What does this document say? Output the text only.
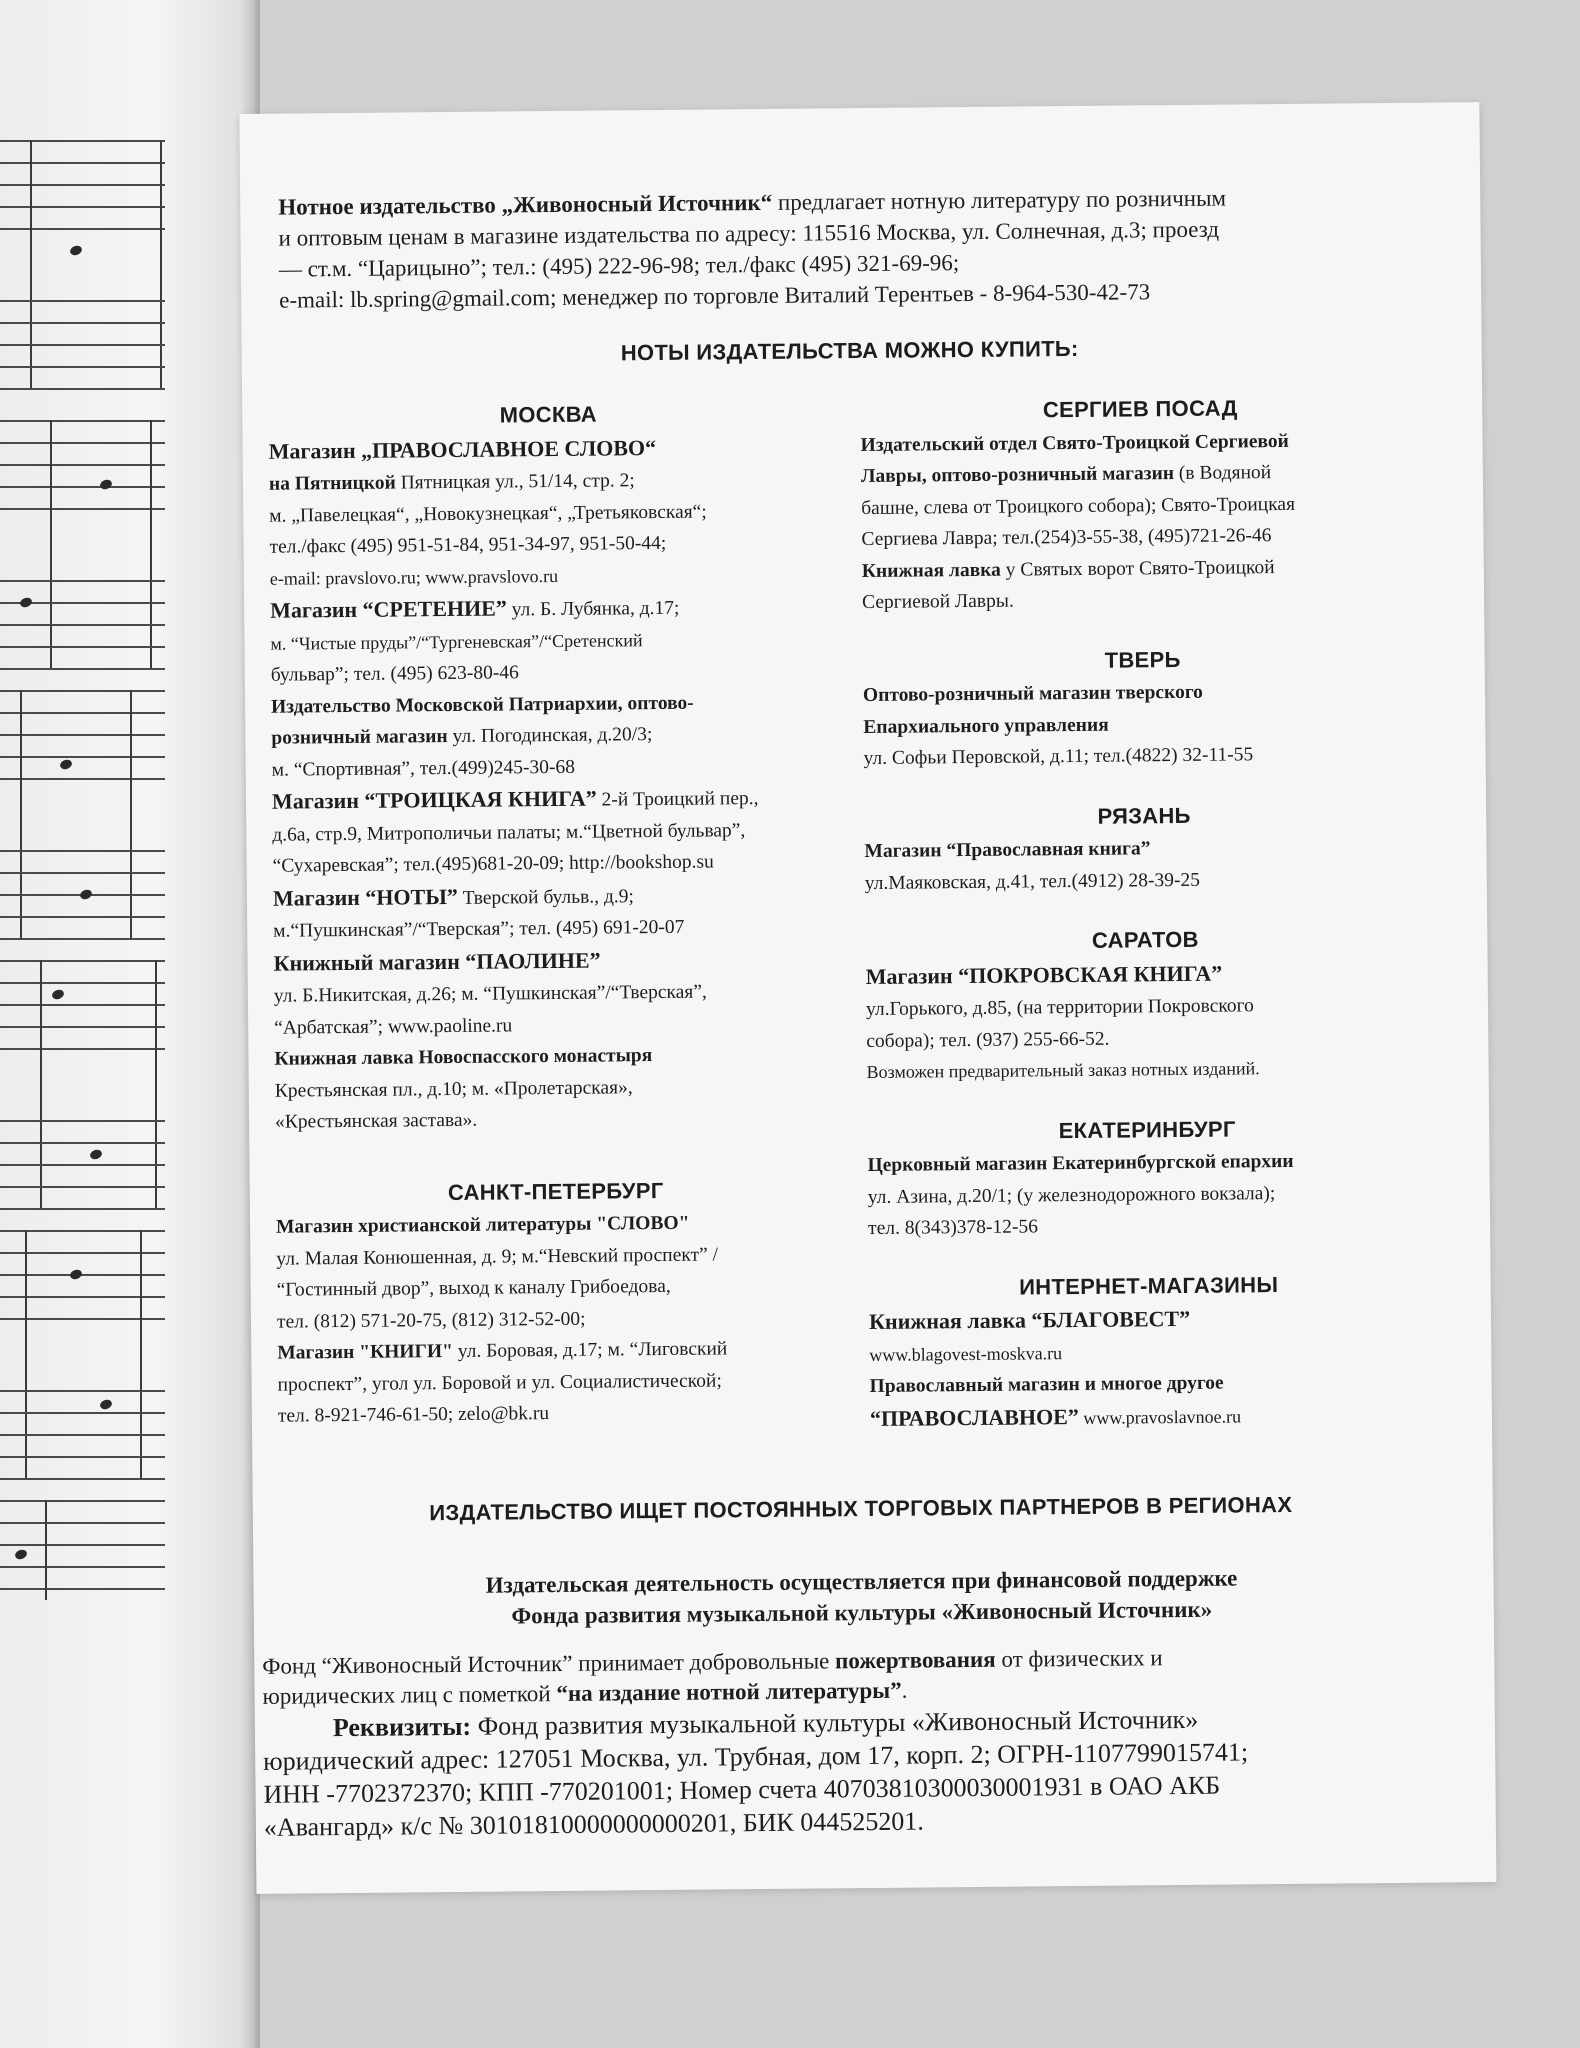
Нотное издательство „Живоносный Источник“ предлагает нотную литературу по розничным
и оптовым ценам в магазине издательства по адресу: 115516 Москва, ул. Солнечная, д.3; проезд
— ст.м. “Царицыно”; тел.: (495) 222-96-98; тел./факс (495) 321-69-96;
e-mail: lb.spring@gmail.com; менеджер по торговле Виталий Терентьев - 8-964-530-42-73
НОТЫ ИЗДАТЕЛЬСТВА МОЖНО КУПИТЬ:
МОСКВА
Магазин „ПРАВОСЛАВНОЕ СЛОВО“
на Пятницкой Пятницкая ул., 51/14, стр. 2;
м. „Павелецкая“, „Новокузнецкая“, „Третьяковская“;
тел./факс (495) 951-51-84, 951-34-97, 951-50-44;
e-mail: pravslovo.ru; www.pravslovo.ru
Магазин “СРЕТЕНИЕ” ул. Б. Лубянка, д.17;
м. “Чистые пруды”/“Тургеневская”/“Сретенский
бульвар”; тел. (495) 623-80-46
Издательство Московской Патриархии, оптово-
розничный магазин ул. Погодинская, д.20/3;
м. “Спортивная”, тел.(499)245-30-68
Магазин “ТРОИЦКАЯ КНИГА” 2-й Троицкий пер.,
д.6а, стр.9, Митрополичьи палаты; м.“Цветной бульвар”,
“Сухаревская”; тел.(495)681-20-09; http://bookshop.su
Магазин “НОТЫ” Тверской бульв., д.9;
м.“Пушкинская”/“Тверская”; тел. (495) 691-20-07
Книжный магазин “ПАОЛИНЕ”
ул. Б.Никитская, д.26; м. “Пушкинская”/“Тверская”,
“Арбатская”; www.paoline.ru
Книжная лавка Новоспасского монастыря
Крестьянская пл., д.10; м. «Пролетарская»,
«Крестьянская застава».
САНКТ-ПЕТЕРБУРГ
Магазин христианской литературы "СЛОВО"
ул. Малая Конюшенная, д. 9; м.“Невский проспект” /
“Гостинный двор”, выход к каналу Грибоедова,
тел. (812) 571-20-75, (812) 312-52-00;
Магазин "КНИГИ" ул. Боровая, д.17; м. “Лиговский
проспект”, угол ул. Боровой и ул. Социалистической;
тел. 8-921-746-61-50; zelo@bk.ru
СЕРГИЕВ ПОСАД
Издательский отдел Свято-Троицкой Сергиевой
Лавры, оптово-розничный магазин (в Водяной
башне, слева от Троицкого собора); Свято-Троицкая
Сергиева Лавра; тел.(254)3-55-38, (495)721-26-46
Книжная лавка у Святых ворот Свято-Троицкой
Сергиевой Лавры.
ТВЕРЬ
Оптово-розничный магазин тверского
Епархиального управления
ул. Софьи Перовской, д.11; тел.(4822) 32-11-55
РЯЗАНЬ
Магазин “Православная книга”
ул.Маяковская, д.41, тел.(4912) 28-39-25
САРАТОВ
Магазин “ПОКРОВСКАЯ КНИГА”
ул.Горького, д.85, (на территории Покровского
собора); тел. (937) 255-66-52.
Возможен предварительный заказ нотных изданий.
ЕКАТЕРИНБУРГ
Церковный магазин Екатеринбургской епархии
ул. Азина, д.20/1; (у железнодорожного вокзала);
тел. 8(343)378-12-56
ИНТЕРНЕТ-МАГАЗИНЫ
Книжная лавка “БЛАГОВЕСТ”
www.blagovest-moskva.ru
Православный магазин и многое другое
“ПРАВОСЛАВНОЕ” www.pravoslavnoe.ru
ИЗДАТЕЛЬСТВО ИЩЕТ ПОСТОЯННЫХ ТОРГОВЫХ ПАРТНЕРОВ В РЕГИОНАХ
Издательская деятельность осуществляется при финансовой поддержке
Фонда развития музыкальной культуры «Живоносный Источник»
Фонд “Живоносный Источник” принимает добровольные пожертвования от физических и
юридических лиц с пометкой “на издание нотной литературы”.
Реквизиты: Фонд развития музыкальной культуры «Живоносный Источник»
юридический адрес: 127051 Москва, ул. Трубная, дом 17, корп. 2; ОГРН-1107799015741;
ИНН -7702372370; КПП -770201001; Номер счета 40703810300030001931 в ОАО АКБ
«Авангард» к/с № 30101810000000000201, БИК 044525201.
